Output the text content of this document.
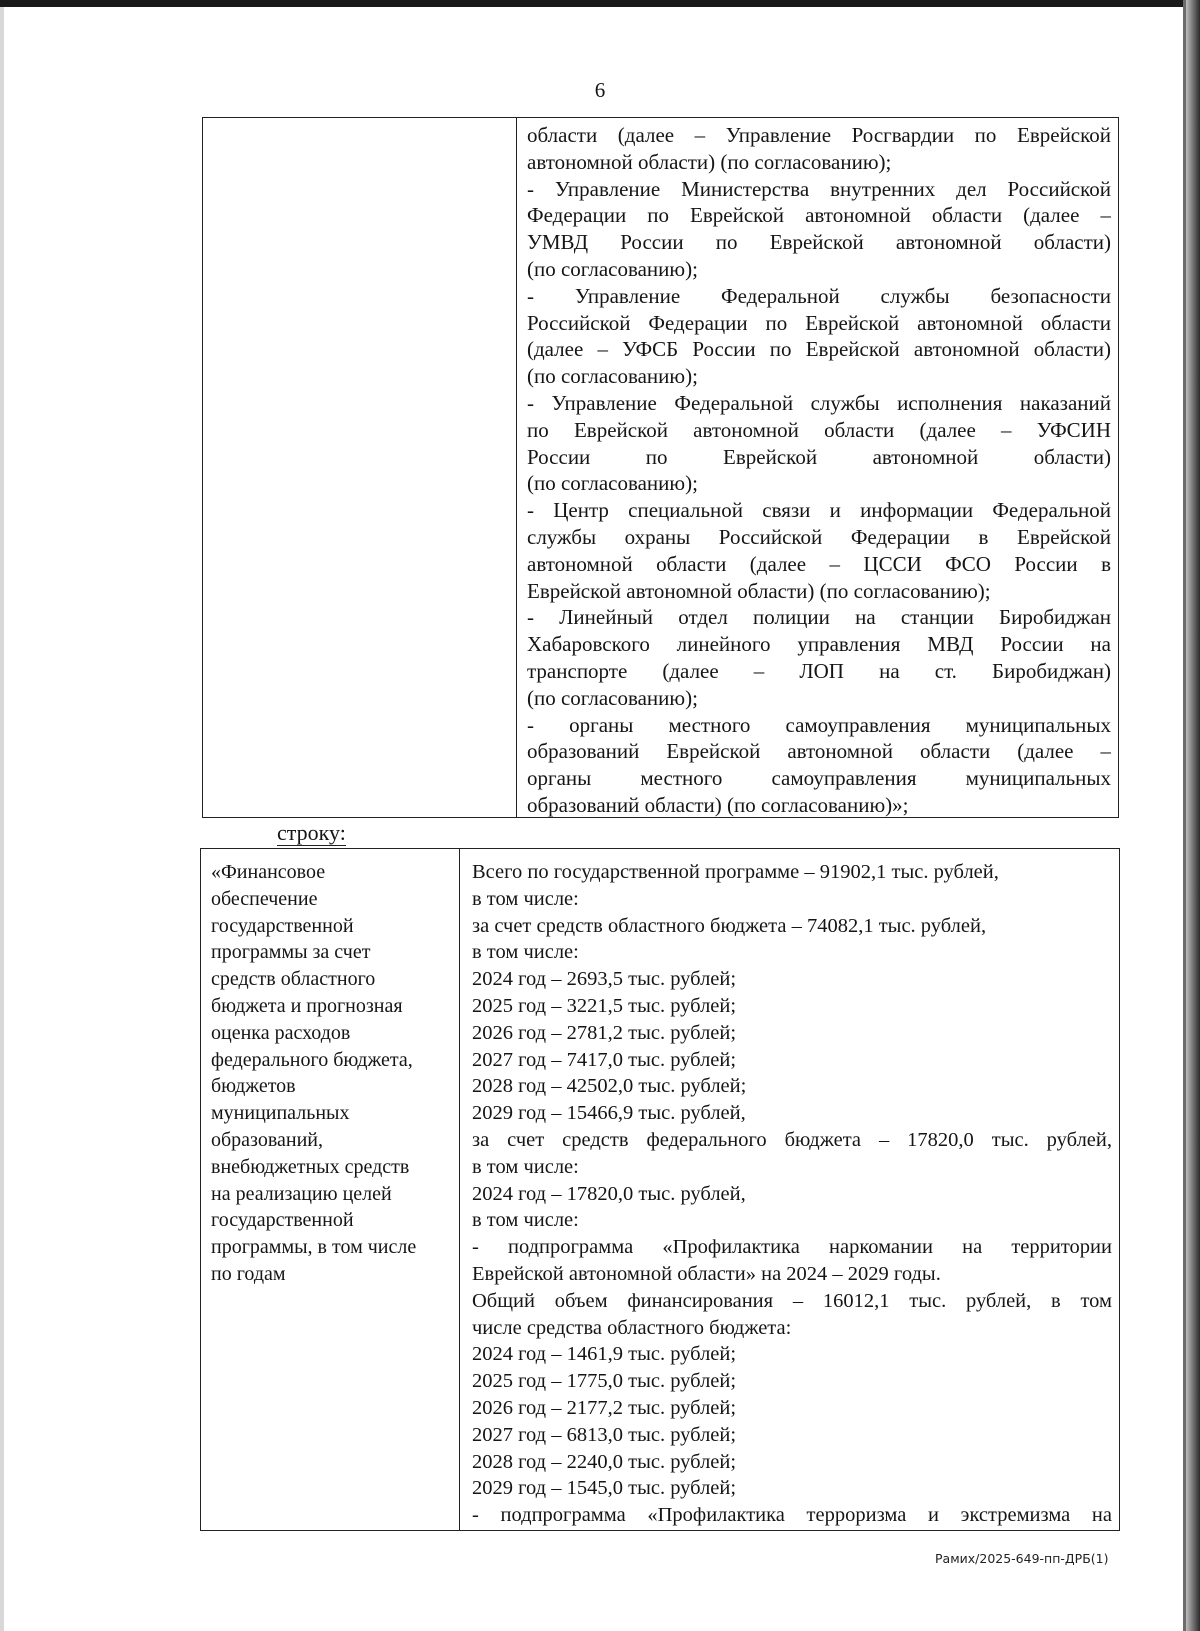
6
области (далее – Управление Росгвардии по Еврейской
автономной области) (по согласованию);
- Управление Министерства внутренних дел Российской
Федерации по Еврейской автономной области (далее –
УМВД России по Еврейской автономной области)
(по согласованию);
- Управление Федеральной службы безопасности
Российской Федерации по Еврейской автономной области
(далее – УФСБ России по Еврейской автономной области)
(по согласованию);
- Управление Федеральной службы исполнения наказаний
по Еврейской автономной области (далее – УФСИН
России по Еврейской автономной области)
(по согласованию);
- Центр специальной связи и информации Федеральной
службы охраны Российской Федерации в Еврейской
автономной области (далее – ЦССИ ФСО России в
Еврейской автономной области) (по согласованию);
- Линейный отдел полиции на станции Биробиджан
Хабаровского линейного управления МВД России на
транспорте (далее – ЛОП на ст. Биробиджан)
(по согласованию);
- органы местного самоуправления муниципальных
образований Еврейской автономной области (далее –
органы местного самоуправления муниципальных
образований области) (по согласованию)»;
строку:
«Финансовое
обеспечение
государственной
программы за счет
средств областного
бюджета и прогнозная
оценка расходов
федерального бюджета,
бюджетов
муниципальных
образований,
внебюджетных средств
на реализацию целей
государственной
программы, в том числе
по годам
Всего по государственной программе – 91902,1 тыс. рублей,
в том числе:
за счет средств областного бюджета – 74082,1 тыс. рублей,
в том числе:
2024 год – 2693,5 тыс. рублей;
2025 год – 3221,5 тыс. рублей;
2026 год – 2781,2 тыс. рублей;
2027 год – 7417,0 тыс. рублей;
2028 год – 42502,0 тыс. рублей;
2029 год – 15466,9 тыс. рублей,
за счет средств федерального бюджета – 17820,0 тыс. рублей,
в том числе:
2024 год – 17820,0 тыс. рублей,
в том числе:
- подпрограмма «Профилактика наркомании на территории
Еврейской автономной области» на 2024 – 2029 годы.
Общий объем финансирования – 16012,1 тыс. рублей, в том
числе средства областного бюджета:
2024 год – 1461,9 тыс. рублей;
2025 год – 1775,0 тыс. рублей;
2026 год – 2177,2 тыс. рублей;
2027 год – 6813,0 тыс. рублей;
2028 год – 2240,0 тыс. рублей;
2029 год – 1545,0 тыс. рублей;
- подпрограмма «Профилактика терроризма и экстремизма на
Рамих/2025-649-пп-ДРБ(1)
